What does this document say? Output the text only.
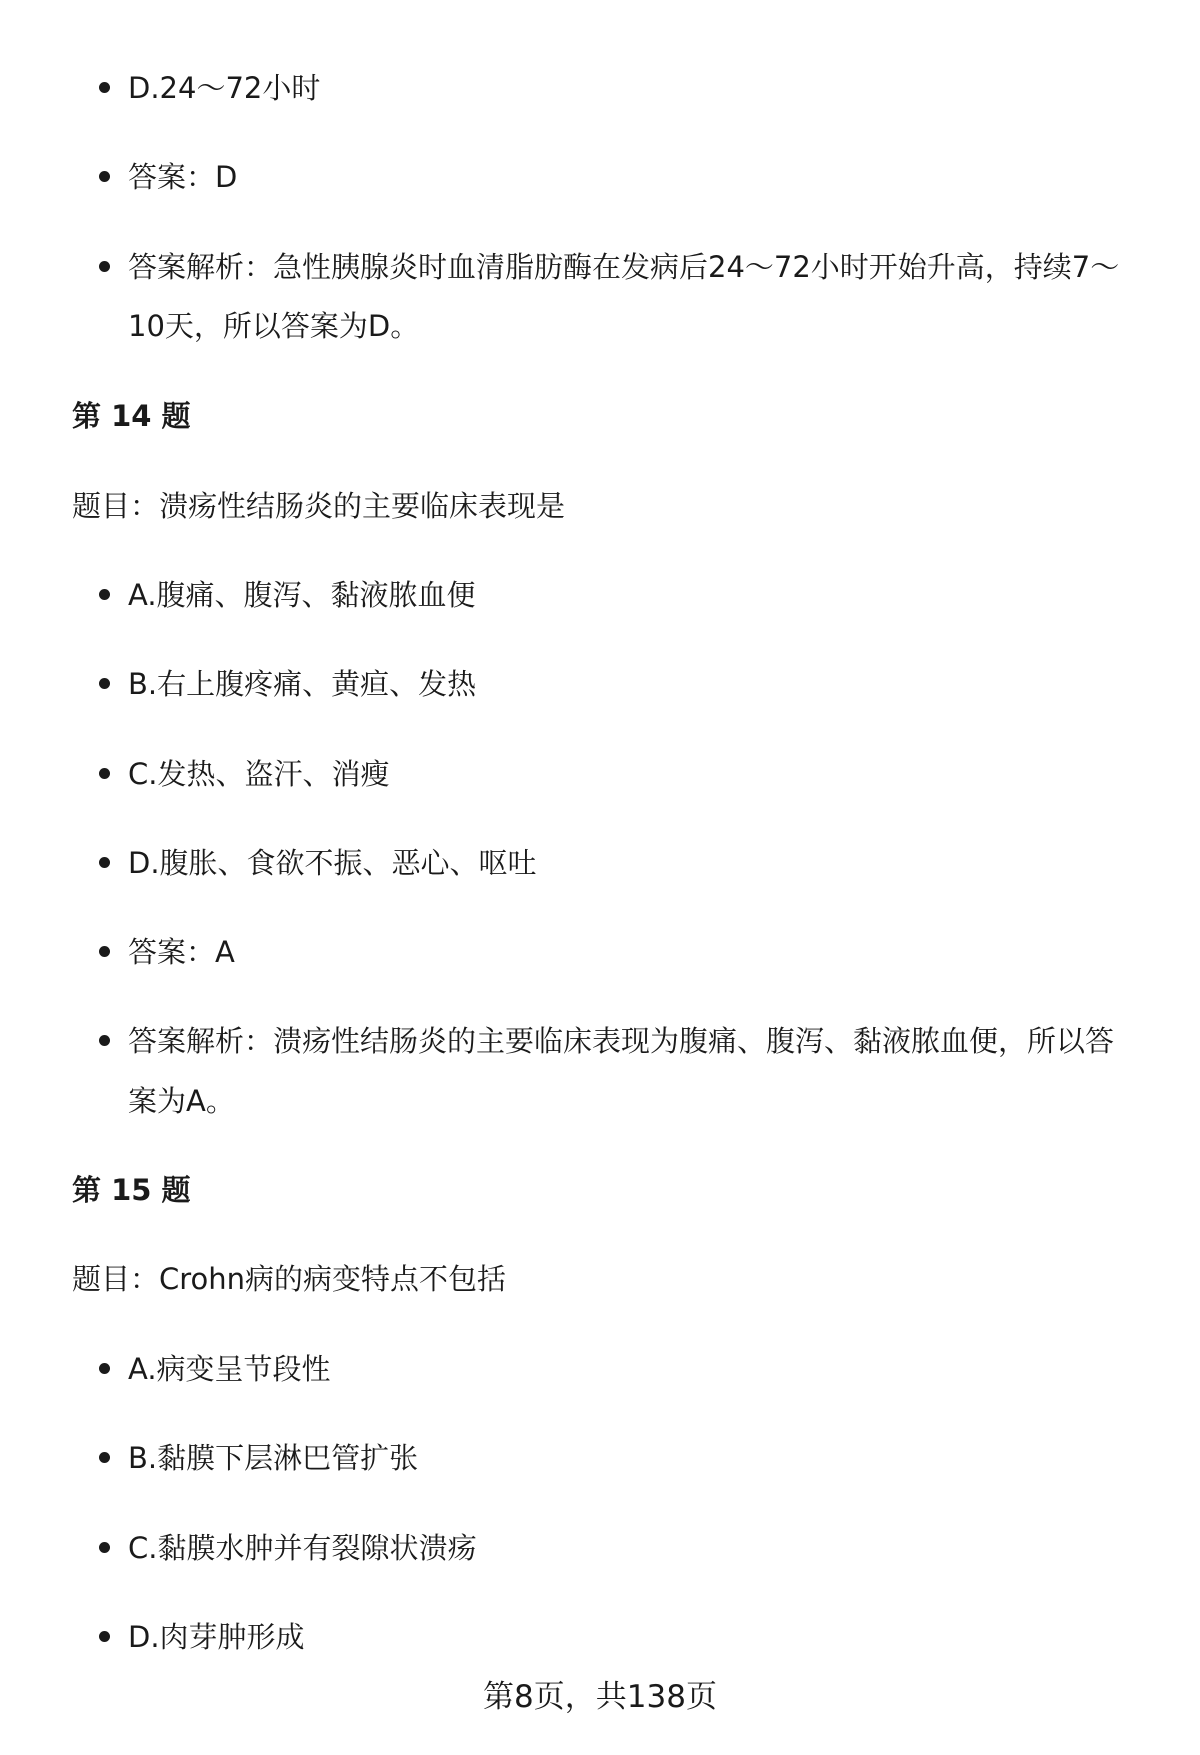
D.24～72小时
答案：D
答案解析：急性胰腺炎时血清脂肪酶在发病后24～72小时开始升高，持续7～
10天，所以答案为D。
第 14 题
题目：溃疡性结肠炎的主要临床表现是
A.腹痛、腹泻、黏液脓血便
B.右上腹疼痛、黄疸、发热
C.发热、盗汗、消瘦
D.腹胀、食欲不振、恶心、呕吐
答案：A
答案解析：溃疡性结肠炎的主要临床表现为腹痛、腹泻、黏液脓血便，所以答
案为A。
第 15 题
题目：Crohn病的病变特点不包括
A.病变呈节段性
B.黏膜下层淋巴管扩张
C.黏膜水肿并有裂隙状溃疡
D.肉芽肿形成
第8页，共138页
